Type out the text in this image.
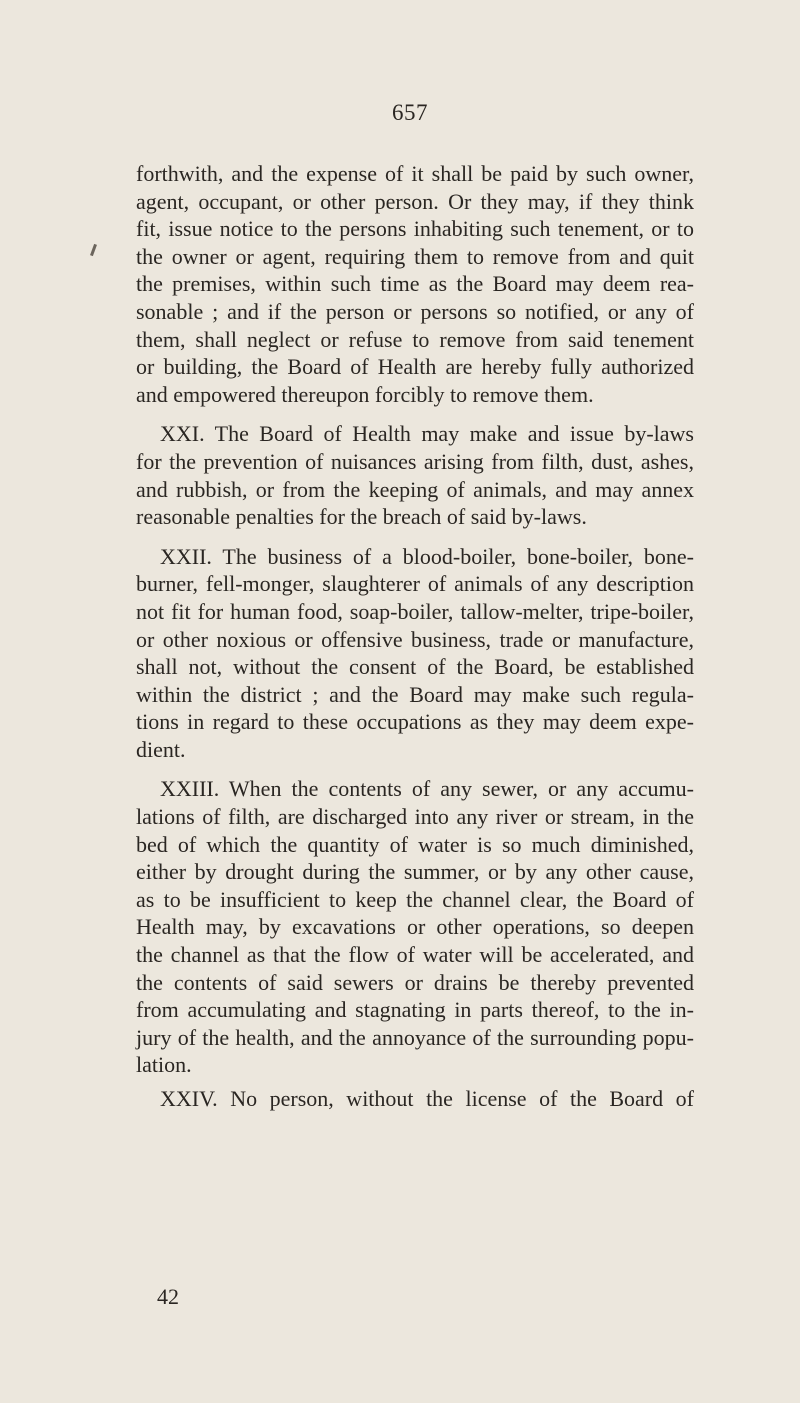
657
forthwith, and the expense of it shall be paid by such owner,
agent, occupant, or other person. Or they may, if they think
fit, issue notice to the persons inhabiting such tenement, or to
the owner or agent, requiring them to remove from and quit
the premises, within such time as the Board may deem rea-
sonable ; and if the person or persons so notified, or any of
them, shall neglect or refuse to remove from said tenement
or building, the Board of Health are hereby fully authorized
and empowered thereupon forcibly to remove them.
XXI. The Board of Health may make and issue by-laws
for the prevention of nuisances arising from filth, dust, ashes,
and rubbish, or from the keeping of animals, and may annex
reasonable penalties for the breach of said by-laws.
XXII. The business of a blood-boiler, bone-boiler, bone-
burner, fell-monger, slaughterer of animals of any description
not fit for human food, soap-boiler, tallow-melter, tripe-boiler,
or other noxious or offensive business, trade or manufacture,
shall not, without the consent of the Board, be established
within the district ; and the Board may make such regula-
tions in regard to these occupations as they may deem expe-
dient.
XXIII. When the contents of any sewer, or any accumu-
lations of filth, are discharged into any river or stream, in the
bed of which the quantity of water is so much diminished,
either by drought during the summer, or by any other cause,
as to be insufficient to keep the channel clear, the Board of
Health may, by excavations or other operations, so deepen
the channel as that the flow of water will be accelerated, and
the contents of said sewers or drains be thereby prevented
from accumulating and stagnating in parts thereof, to the in-
jury of the health, and the annoyance of the surrounding popu-
lation.
XXIV. No person, without the license of the Board of
42
